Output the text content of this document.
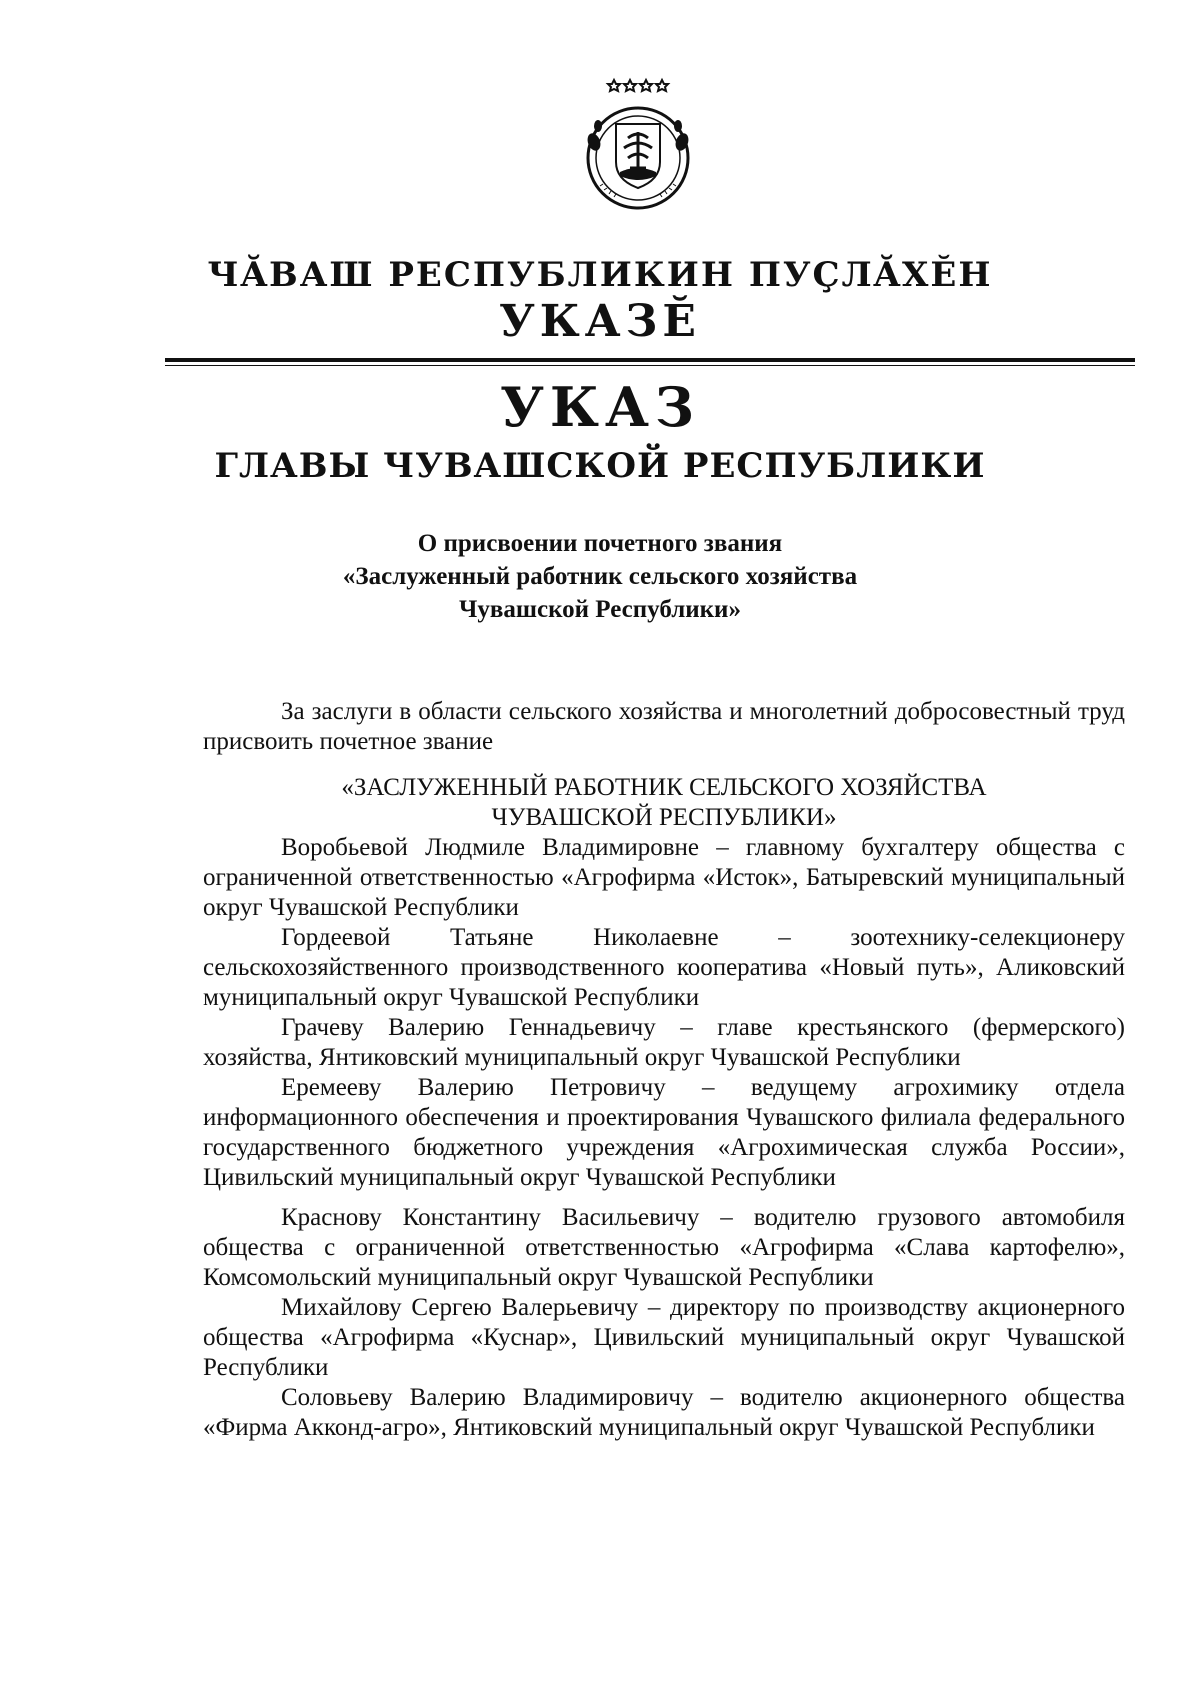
ЧĂВАШ РЕСПУБЛИКИН ПУÇЛĂХĔН
УКАЗĔ
УКАЗ
ГЛАВЫ ЧУВАШСКОЙ РЕСПУБЛИКИ
О присвоении почетного звания
«Заслуженный работник сельского хозяйства
Чувашской Республики»

За заслуги в области сельского хозяйства и многолетний добросовестный труд присвоить почетное звание

«ЗАСЛУЖЕННЫЙ РАБОТНИК СЕЛЬСКОГО ХОЗЯЙСТВА
ЧУВАШСКОЙ РЕСПУБЛИКИ»

Воробьевой Людмиле Владимировне – главному бухгалтеру общества с ограниченной ответственностью «Агрофирма «Исток», Батыревский муниципальный округ Чувашской Республики

Гордеевой Татьяне Николаевне – зоотехнику-селекционеру сельскохозяйственного производственного кооператива «Новый путь», Аликовский муниципальный округ Чувашской Республики

Грачеву Валерию Геннадьевичу – главе крестьянского (фермерского) хозяйства, Янтиковский муниципальный округ Чувашской Республики

Еремееву Валерию Петровичу – ведущему агрохимику отдела информационного обеспечения и проектирования Чувашского филиала федерального государственного бюджетного учреждения «Агрохимическая служба России», Цивильский муниципальный округ Чувашской Республики

Краснову Константину Васильевичу – водителю грузового автомобиля общества с ограниченной ответственностью «Агрофирма «Слава картофелю», Комсомольский муниципальный округ Чувашской Республики

Михайлову Сергею Валерьевичу – директору по производству акционерного общества «Агрофирма «Куснар», Цивильский муниципальный округ Чувашской Республики

Соловьеву Валерию Владимировичу – водителю акционерного общества «Фирма Акконд-агро», Янтиковский муниципальный округ Чувашской Республики
